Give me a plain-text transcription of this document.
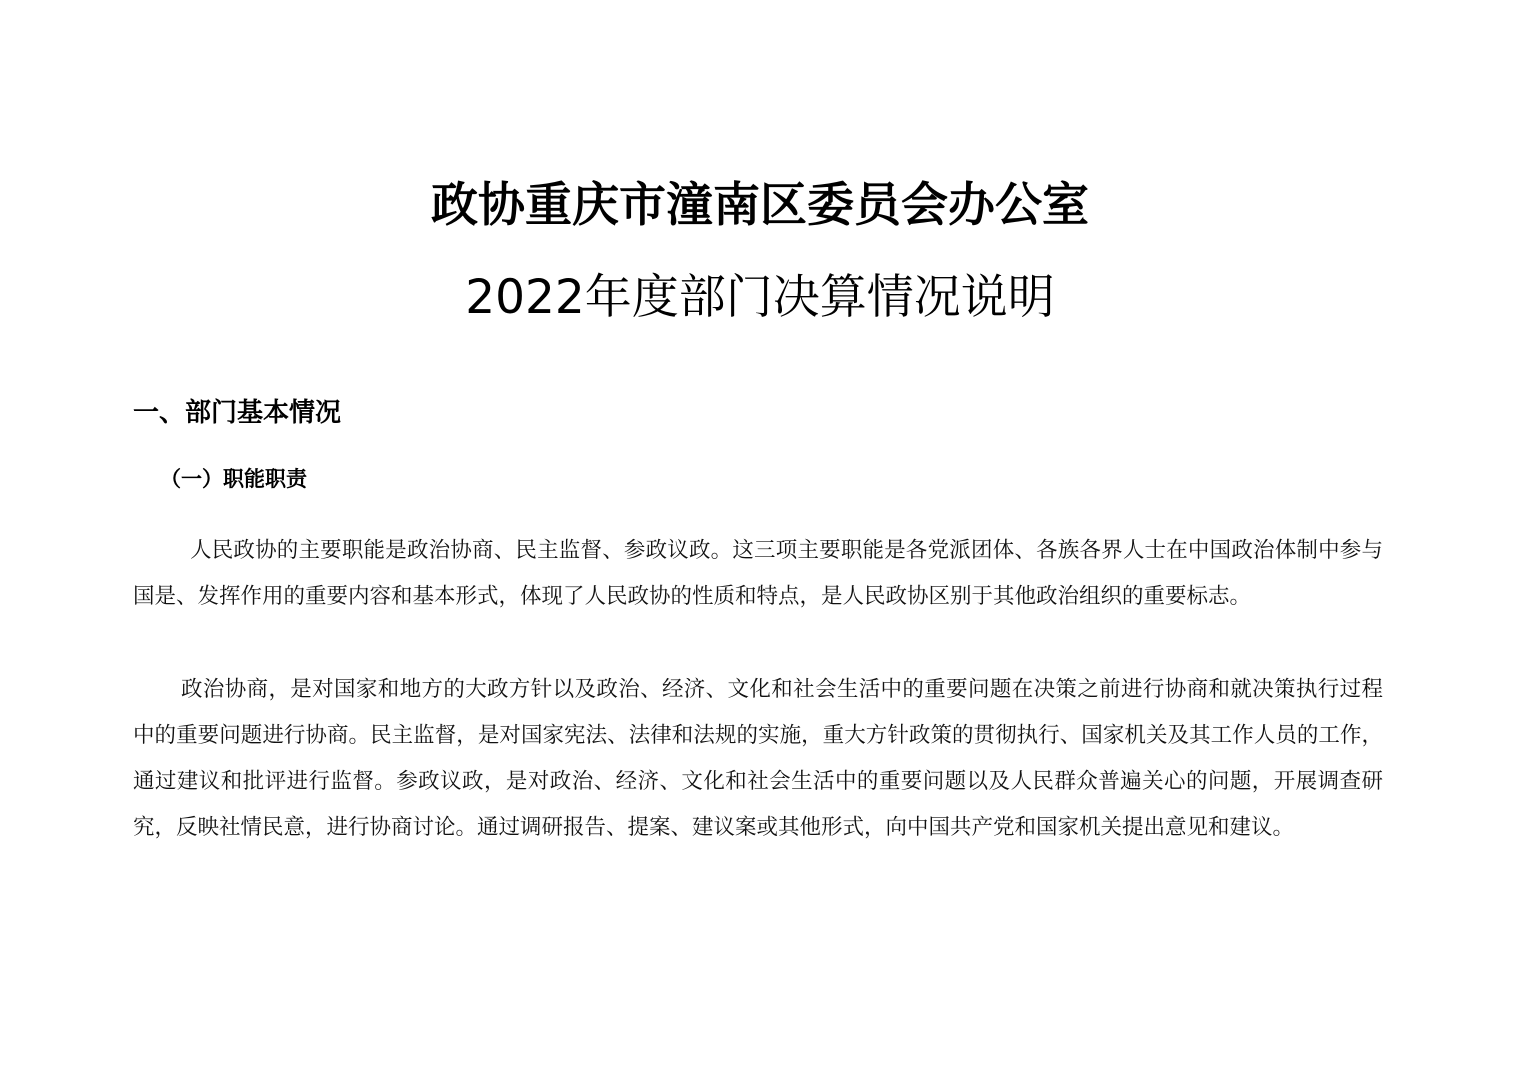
政协重庆市潼南区委员会办公室

2022年度部门决算情况说明

一、部门基本情况
（一）职能职责

人民政协的主要职能是政治协商、民主监督、参政议政。这三项主要职能是各党派团体、各族各界人士在中国政治体制中参与国是、发挥作用的重要内容和基本形式，体现了人民政协的性质和特点，是人民政协区别于其他政治组织的重要标志。

政治协商，是对国家和地方的大政方针以及政治、经济、文化和社会生活中的重要问题在决策之前进行协商和就决策执行过程中的重要问题进行协商。民主监督，是对国家宪法、法律和法规的实施，重大方针政策的贯彻执行、国家机关及其工作人员的工作，通过建议和批评进行监督。参政议政，是对政治、经济、文化和社会生活中的重要问题以及人民群众普遍关心的问题，开展调查研究，反映社情民意，进行协商讨论。通过调研报告、提案、建议案或其他形式，向中国共产党和国家机关提出意见和建议。
